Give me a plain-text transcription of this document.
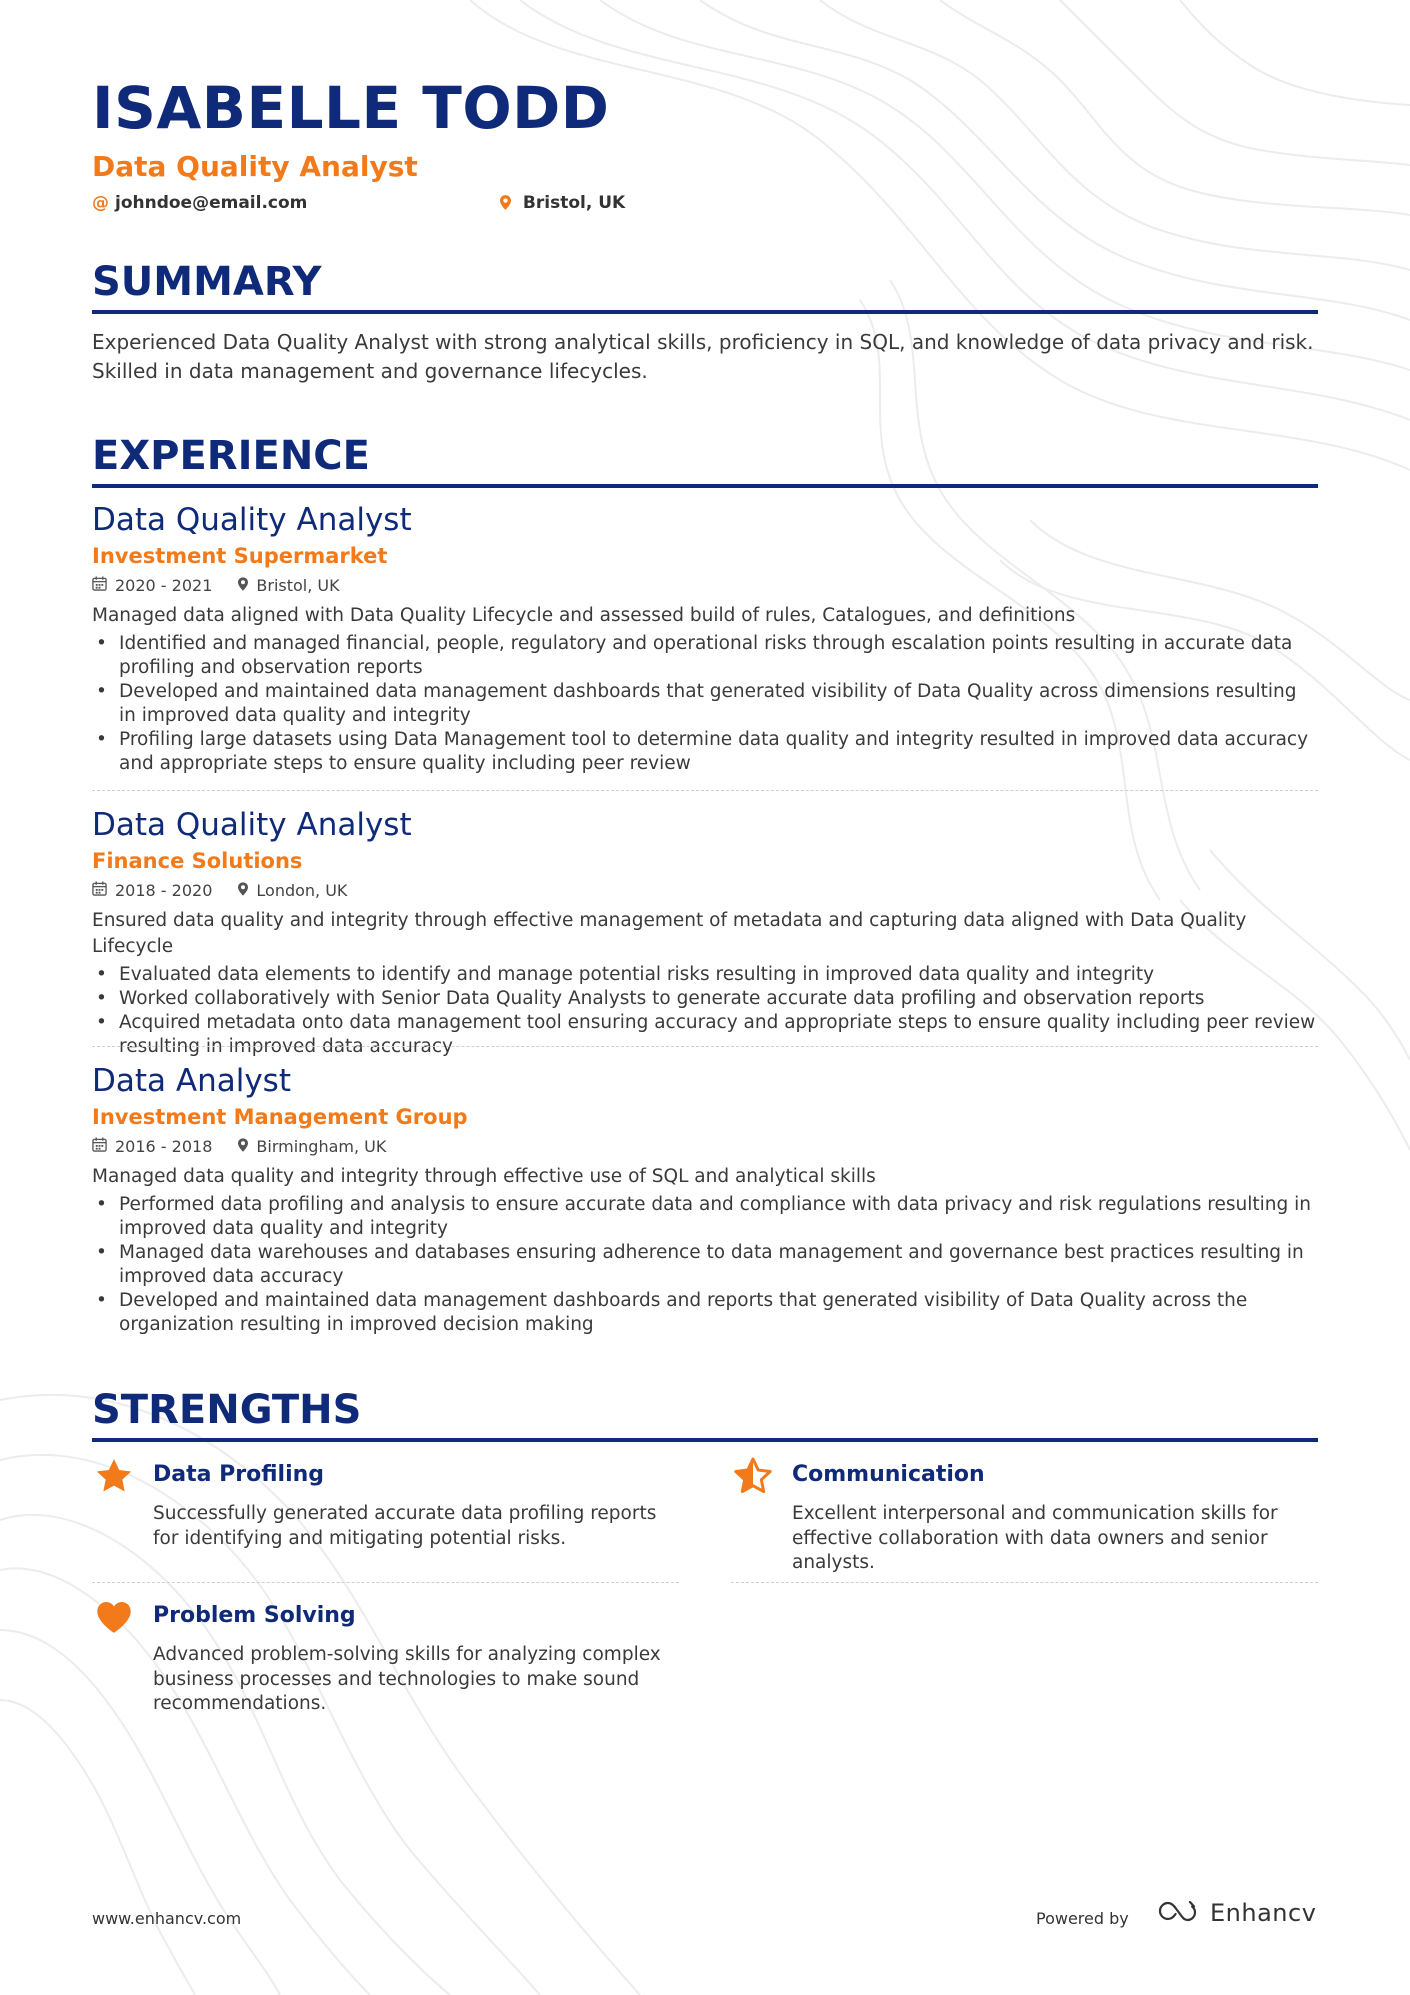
ISABELLE TODD
Data Quality Analyst
@ johndoe@email.com	Bristol, UK
SUMMARY

Experienced Data Quality Analyst with strong analytical skills, proficiency in SQL, and knowledge of data privacy and risk. Skilled in data management and governance lifecycles.

EXPERIENCE
Data Quality Analyst
Investment Supermarket
2020 - 2021	Bristol, UK
Managed data aligned with Data Quality Lifecycle and assessed build of rules, Catalogues, and definitions
• Identified and managed financial, people, regulatory and operational risks through escalation points resulting in accurate data profiling and observation reports
• Developed and maintained data management dashboards that generated visibility of Data Quality across dimensions resulting in improved data quality and integrity
• Profiling large datasets using Data Management tool to determine data quality and integrity resulted in improved data accuracy and appropriate steps to ensure quality including peer review
Data Quality Analyst
Finance Solutions
2018 - 2020	London, UK
Ensured data quality and integrity through effective management of metadata and capturing data aligned with Data Quality Lifecycle
• Evaluated data elements to identify and manage potential risks resulting in improved data quality and integrity
• Worked collaboratively with Senior Data Quality Analysts to generate accurate data profiling and observation reports
• Acquired metadata onto data management tool ensuring accuracy and appropriate steps to ensure quality including peer review resulting in improved data accuracy
Data Analyst
Investment Management Group
2016 - 2018	Birmingham, UK
Managed data quality and integrity through effective use of SQL and analytical skills
• Performed data profiling and analysis to ensure accurate data and compliance with data privacy and risk regulations resulting in improved data quality and integrity
• Managed data warehouses and databases ensuring adherence to data management and governance best practices resulting in improved data accuracy
• Developed and maintained data management dashboards and reports that generated visibility of Data Quality across the organization resulting in improved decision making
STRENGTHS
Data Profiling
Successfully generated accurate data profiling reports for identifying and mitigating potential risks.
Communication
Excellent interpersonal and communication skills for effective collaboration with data owners and senior analysts.
Problem Solving
Advanced problem-solving skills for analyzing complex business processes and technologies to make sound recommendations.
www.enhancv.com	Powered by	Enhancv
